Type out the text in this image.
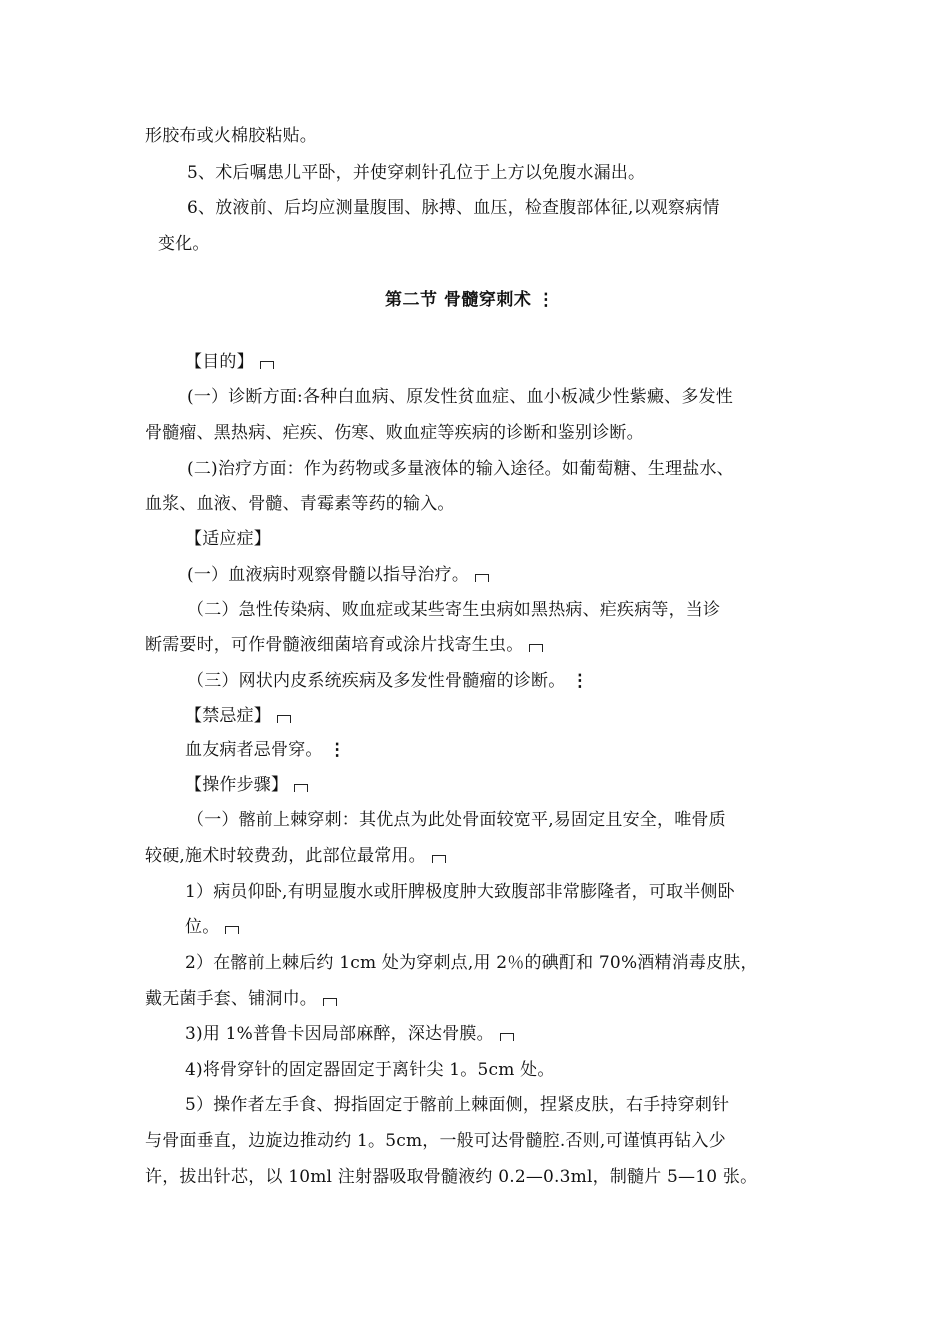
形胶布或火棉胶粘贴。
5、术后嘱患儿平卧，并使穿刺针孔位于上方以免腹水漏出。
6、放液前、后均应测量腹围、脉搏、血压，检查腹部体征,以观察病情
变化。
第二节 骨髓穿刺术 ⋮
【目的】
(一）诊断方面:各种白血病、原发性贫血症、血小板减少性紫癜、多发性
骨髓瘤、黑热病、疟疾、伤寒、败血症等疾病的诊断和鉴别诊断。
(二)治疗方面：作为药物或多量液体的输入途径。如葡萄糖、生理盐水、
血浆、血液、骨髓、青霉素等药的输入。
【适应症】
(一）血液病时观察骨髓以指导治疗。
（二）急性传染病、败血症或某些寄生虫病如黑热病、疟疾病等，当诊
断需要时，可作骨髓液细菌培育或涂片找寄生虫。
（三）网状内皮系统疾病及多发性骨髓瘤的诊断。 ⋮
【禁忌症】
血友病者忌骨穿。 ⋮
【操作步骤】
（一）髂前上棘穿刺：其优点为此处骨面较宽平,易固定且安全，唯骨质
较硬,施术时较费劲，此部位最常用。
1）病员仰卧,有明显腹水或肝脾极度肿大致腹部非常膨隆者，可取半侧卧
位。
2）在髂前上棘后约 1cm 处为穿刺点,用 2％的碘酊和 70%酒精消毒皮肤，
戴无菌手套、铺洞巾。
3)用 1%普鲁卡因局部麻醉，深达骨膜。
4)将骨穿针的固定器固定于离针尖 1。5cm 处。
5）操作者左手食、拇指固定于髂前上棘面侧，捏紧皮肤，右手持穿刺针
与骨面垂直，边旋边推动约 1。5cm，一般可达骨髓腔.否则,可谨慎再钻入少
许，拔出针芯，以 10ml 注射器吸取骨髓液约 0.2—0.3ml，制髓片 5—10 张。
